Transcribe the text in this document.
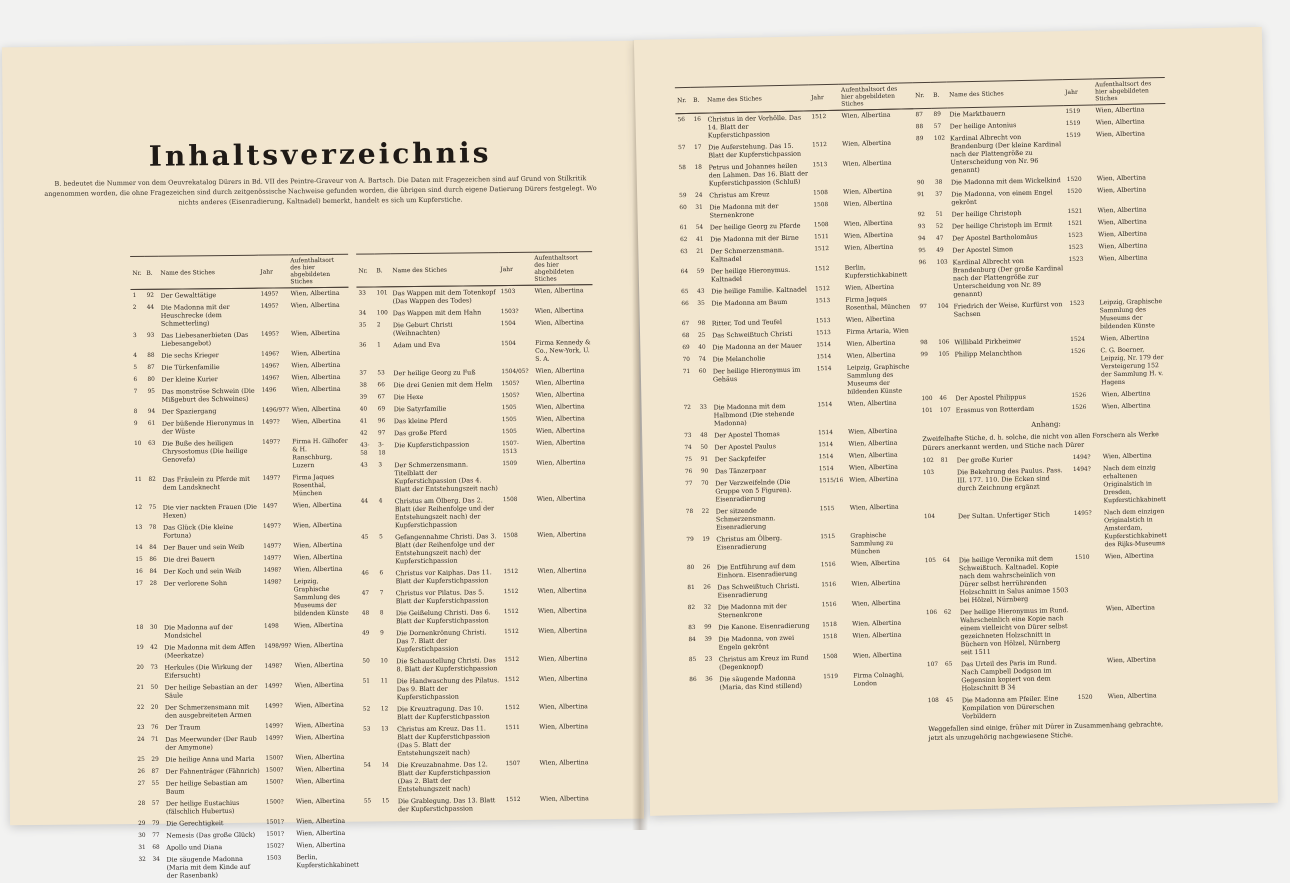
Inhaltsverzeichnis
B. bedeutet die Nummer von dem Oeuvrekatalog Dürers in Bd. VII des Peintre-Graveur von A. Bartsch. Die Daten mit Fragezeichen sind auf Grund von Stilkritik angenommen worden, die ohne Fragezeichen sind durch zeitgenössische Nachweise gefunden worden, die übrigen sind durch eigene Datierung Dürers festgelegt. Wo nichts anderes (Eisenradierung, Kaltnadel) bemerkt, handelt es sich um Kupferstiche.
Nr.	B.	Name des Stiches	Jahr	Aufenthaltsort des hier abgebildeten Stiches
1	92	Der Gewalttätige	1495?	Wien, Albertina
2	44	Die Madonna mit der Heuschrecke (dem Schmetterling)	1495?	Wien, Albertina
3	93	Das Liebesanerbieten (Das Liebesangebot)	1495?	Wien, Albertina
4	88	Die sechs Krieger	1496?	Wien, Albertina
5	87	Die Türkenfamilie	1496?	Wien, Albertina
6	80	Der kleine Kurier	1496?	Wien, Albertina
7	95	Das monströse Schwein (Die Mißgeburt des Schweines)	1496	Wien, Albertina
8	94	Der Spaziergang	1496/97?	Wien, Albertina
9	61	Der büßende Hieronymus in der Wüste	1497?	Wien, Albertina
10	63	Die Buße des heiligen Chrysostomus (Die heilige Genovefa)	1497?	Firma H. Gilhofer & H. Ranschburg, Luzern
11	82	Das Fräulein zu Pferde mit dem Landsknecht	1497?	Firma Jaques Rosenthal, München
12	75	Die vier nackten Frauen (Die Hexen)	1497	Wien, Albertina
13	78	Das Glück (Die kleine Fortuna)	1497?	Wien, Albertina
14	84	Der Bauer und sein Weib	1497?	Wien, Albertina
15	86	Die drei Bauern	1497?	Wien, Albertina
16	84	Der Koch und sein Weib	1498?	Wien, Albertina
17	28	Der verlorene Sohn	1498?	Leipzig, Graphische Sammlung des Museums der bildenden Künste
18	30	Die Madonna auf der Mondsichel	1498	Wien, Albertina
19	42	Die Madonna mit dem Affen (Meerkatze)	1498/99?	Wien, Albertina
20	73	Herkules (Die Wirkung der Eifersucht)	1498?	Wien, Albertina
21	50	Der heilige Sebastian an der Säule	1499?	Wien, Albertina
22	20	Der Schmerzensmann mit den ausgebreiteten Armen	1499?	Wien, Albertina
23	76	Der Traum	1499?	Wien, Albertina
24	71	Das Meerwunder (Der Raub der Amymone)	1499?	Wien, Albertina
25	29	Die heilige Anna und Maria	1500?	Wien, Albertina
26	87	Der Fahnenträger (Fähnrich)	1500?	Wien, Albertina
27	55	Der heilige Sebastian am Baum	1500?	Wien, Albertina
28	57	Der heilige Eustachius (fälschlich Hubertus)	1500?	Wien, Albertina
29	79	Die Gerechtigkeit	1501?	Wien, Albertina
30	77	Nemesis (Das große Glück)	1501?	Wien, Albertina
31	68	Apollo und Diana	1502?	Wien, Albertina
32	34	Die säugende Madonna (Maria mit dem Kinde auf der Rasenbank)	1503	Berlin, Kupferstichkabinett
Nr.	B.	Name des Stiches	Jahr	Aufenthaltsort des hier abgebildeten Stiches
33	101	Das Wappen mit dem Totenkopf (Das Wappen des Todes)	1503	Wien, Albertina
34	100	Das Wappen mit dem Hahn	1503?	Wien, Albertina
35	2	Die Geburt Christi (Weihnachten)	1504	Wien, Albertina
36	1	Adam und Eva	1504	Firma Kennedy & Co., New-York, U. S. A.
37	53	Der heilige Georg zu Fuß	1504/05?	Wien, Albertina
38	66	Die drei Genien mit dem Helm	1505?	Wien, Albertina
39	67	Die Hexe	1505?	Wien, Albertina
40	69	Die Satyrfamilie	1505	Wien, Albertina
41	96	Das kleine Pferd	1505	Wien, Albertina
42	97	Das große Pferd	1505	Wien, Albertina
43-58	3-18	Die Kupferstichpassion	1507-1513	Wien, Albertina
43	3	Der Schmerzensmann. Titelblatt der Kupferstichpassion (Das 4. Blatt der Entstehungszeit nach)	1509	Wien, Albertina
44	4	Christus am Ölberg. Das 2. Blatt (der Reihenfolge und der Entstehungszeit nach) der Kupferstichpassion	1508	Wien, Albertina
45	5	Gefangennahme Christi. Das 3. Blatt (der Reihenfolge und der Entstehungszeit nach) der Kupferstichpassion	1508	Wien, Albertina
46	6	Christus vor Kaiphas. Das 11. Blatt der Kupferstichpassion	1512	Wien, Albertina
47	7	Christus vor Pilatus. Das 5. Blatt der Kupferstichpassion	1512	Wien, Albertina
48	8	Die Geißelung Christi. Das 6. Blatt der Kupferstichpassion	1512	Wien, Albertina
49	9	Die Dornenkrönung Christi. Das 7. Blatt der Kupferstichpassion	1512	Wien, Albertina
50	10	Die Schaustellung Christi. Das 8. Blatt der Kupferstichpassion	1512	Wien, Albertina
51	11	Die Handwaschung des Pilatus. Das 9. Blatt der Kupferstichpassion	1512	Wien, Albertina
52	12	Die Kreuztragung. Das 10. Blatt der Kupferstichpassion	1512	Wien, Albertina
53	13	Christus am Kreuz. Das 11. Blatt der Kupferstichpassion (Das 5. Blatt der Entstehungszeit nach)	1511	Wien, Albertina
54	14	Die Kreuzabnahme. Das 12. Blatt der Kupferstichpassion (Das 2. Blatt der Entstehungszeit nach)	1507	Wien, Albertina
55	15	Die Grablegung. Das 13. Blatt der Kupferstichpassion	1512	Wien, Albertina
Nr.	B.	Name des Stiches	Jahr	Aufenthaltsort des hier abgebildeten Stiches
56	16	Christus in der Vorhölle. Das 14. Blatt der Kupferstichpassion	1512	Wien, Albertina
57	17	Die Auferstehung. Das 15. Blatt der Kupferstichpassion	1512	Wien, Albertina
58	18	Petrus und Johannes heilen den Lahmen. Das 16. Blatt der Kupferstichpassion (Schluß)	1513	Wien, Albertina
59	24	Christus am Kreuz	1508	Wien, Albertina
60	31	Die Madonna mit der Sternenkrone	1508	Wien, Albertina
61	54	Der heilige Georg zu Pferde	1508	Wien, Albertina
62	41	Die Madonna mit der Birne	1511	Wien, Albertina
63	21	Der Schmerzensmann. Kaltnadel	1512	Wien, Albertina
64	59	Der heilige Hieronymus. Kaltnadel	1512	Berlin, Kupferstichkabinett
65	43	Die heilige Familie. Kaltnadel	1512	Wien, Albertina
66	35	Die Madonna am Baum	1513	Firma Jaques Rosenthal, München
67	98	Ritter, Tod und Teufel	1513	Wien, Albertina
68	25	Das Schweißtuch Christi	1513	Firma Artaria, Wien
69	40	Die Madonna an der Mauer	1514	Wien, Albertina
70	74	Die Melancholie	1514	Wien, Albertina
71	60	Der heilige Hieronymus im Gehäus	1514	Leipzig, Graphische Sammlung des Museums der bildenden Künste
72	33	Die Madonna mit dem Halbmond (Die stehende Madonna)	1514	Wien, Albertina
73	48	Der Apostel Thomas	1514	Wien, Albertina
74	50	Der Apostel Paulus	1514	Wien, Albertina
75	91	Der Sackpfeifer	1514	Wien, Albertina
76	90	Das Tänzerpaar	1514	Wien, Albertina
77	70	Der Verzweifelnde (Die Gruppe von 5 Figuren). Eisenradierung	1515/16	Wien, Albertina
78	22	Der sitzende Schmerzensmann. Eisenradierung	1515	Wien, Albertina
79	19	Christus am Ölberg. Eisenradierung	1515	Graphische Sammlung zu München
80	26	Die Entführung auf dem Einhorn. Eisenradierung	1516	Wien, Albertina
81	26	Das Schweißtuch Christi. Eisenradierung	1516	Wien, Albertina
82	32	Die Madonna mit der Sternenkrone	1516	Wien, Albertina
83	99	Die Kanone. Eisenradierung	1518	Wien, Albertina
84	39	Die Madonna, von zwei Engeln gekrönt	1518	Wien, Albertina
85	23	Christus am Kreuz im Rund (Degenknopf)	1508	Wien, Albertina
86	36	Die säugende Madonna (Maria, das Kind stillend)	1519	Firma Colnaghi, London
Nr.	B.	Name des Stiches	Jahr	Aufenthaltsort des hier abgebildeten Stiches
87	89	Die Marktbauern	1519	Wien, Albertina
88	57	Der heilige Antonius	1519	Wien, Albertina
89	102	Kardinal Albrecht von Brandenburg (Der kleine Kardinal nach der Plattengröße zu Unterscheidung von Nr. 96 genannt)	1519	Wien, Albertina
90	38	Die Madonna mit dem Wickelkind	1520	Wien, Albertina
91	37	Die Madonna, von einem Engel gekrönt	1520	Wien, Albertina
92	51	Der heilige Christoph	1521	Wien, Albertina
93	52	Der heilige Christoph im Ermit	1521	Wien, Albertina
94	47	Der Apostel Bartholomäus	1523	Wien, Albertina
95	49	Der Apostel Simon	1523	Wien, Albertina
96	103	Kardinal Albrecht von Brandenburg (Der große Kardinal nach der Plattengröße zur Unterscheidung von Nr. 89 genannt)	1523	Wien, Albertina
97	104	Friedrich der Weise, Kurfürst von Sachsen	1523	Leipzig, Graphische Sammlung des Museums der bildenden Künste
98	106	Willibald Pirkheimer	1524	Wien, Albertina
99	105	Philipp Melanchthon	1526	C. G. Boerner, Leipzig, Nr. 179 der Versteigerung 152 der Sammlung H. v. Hagens
100	46	Der Apostel Philippus	1526	Wien, Albertina
101	107	Erasmus von Rotterdam	1526	Wien, Albertina
Anhang:				
Zweifelhafte Stiche, d. h. solche, die nicht von allen Forschern als Werke Dürers anerkannt werden, und Stiche nach Dürer				
102	81	Der große Kurier	1494?	Wien, Albertina
103		Die Bekehrung des Paulus. Pass. III. 177. 110. Die Ecken sind durch Zeichnung ergänzt	1494?	Nach dem einzig erhaltenen Originalstich in Dresden, Kupferstichkabinett
104		Der Sultan. Unfertiger Stich	1495?	Nach dem einzigen Originalstich in Amsterdam, Kupferstichkabinett des Rijks-Museums
105	64	Die heilige Veronika mit dem Schweißtuch. Kaltnadel. Kopie nach dem wahrscheinlich von Dürer selbst herrührenden Holzschnitt in Salus animae 1503 bei Hölzel, Nürnberg	1510	Wien, Albertina
106	62	Der heilige Hieronymus im Rund. Wahrscheinlich eine Kopie nach einem vielleicht von Dürer selbst gezeichneten Holzschnitt in Büchern von Hölzel, Nürnberg seit 1511		Wien, Albertina
107	65	Das Urteil des Paris im Rund. Nach Campbell Dodgson im Gegensinn kopiert von dem Holzschnitt B 34		Wien, Albertina
108	45	Die Madonna am Pfeiler. Eine Kompilation von Dürerschen Vorbildern	1520	Wien, Albertina
Weggefallen sind einige, früher mit Dürer in Zusammenhang gebrachte, jetzt als unzugehörig nachgewiesene Stiche.				
